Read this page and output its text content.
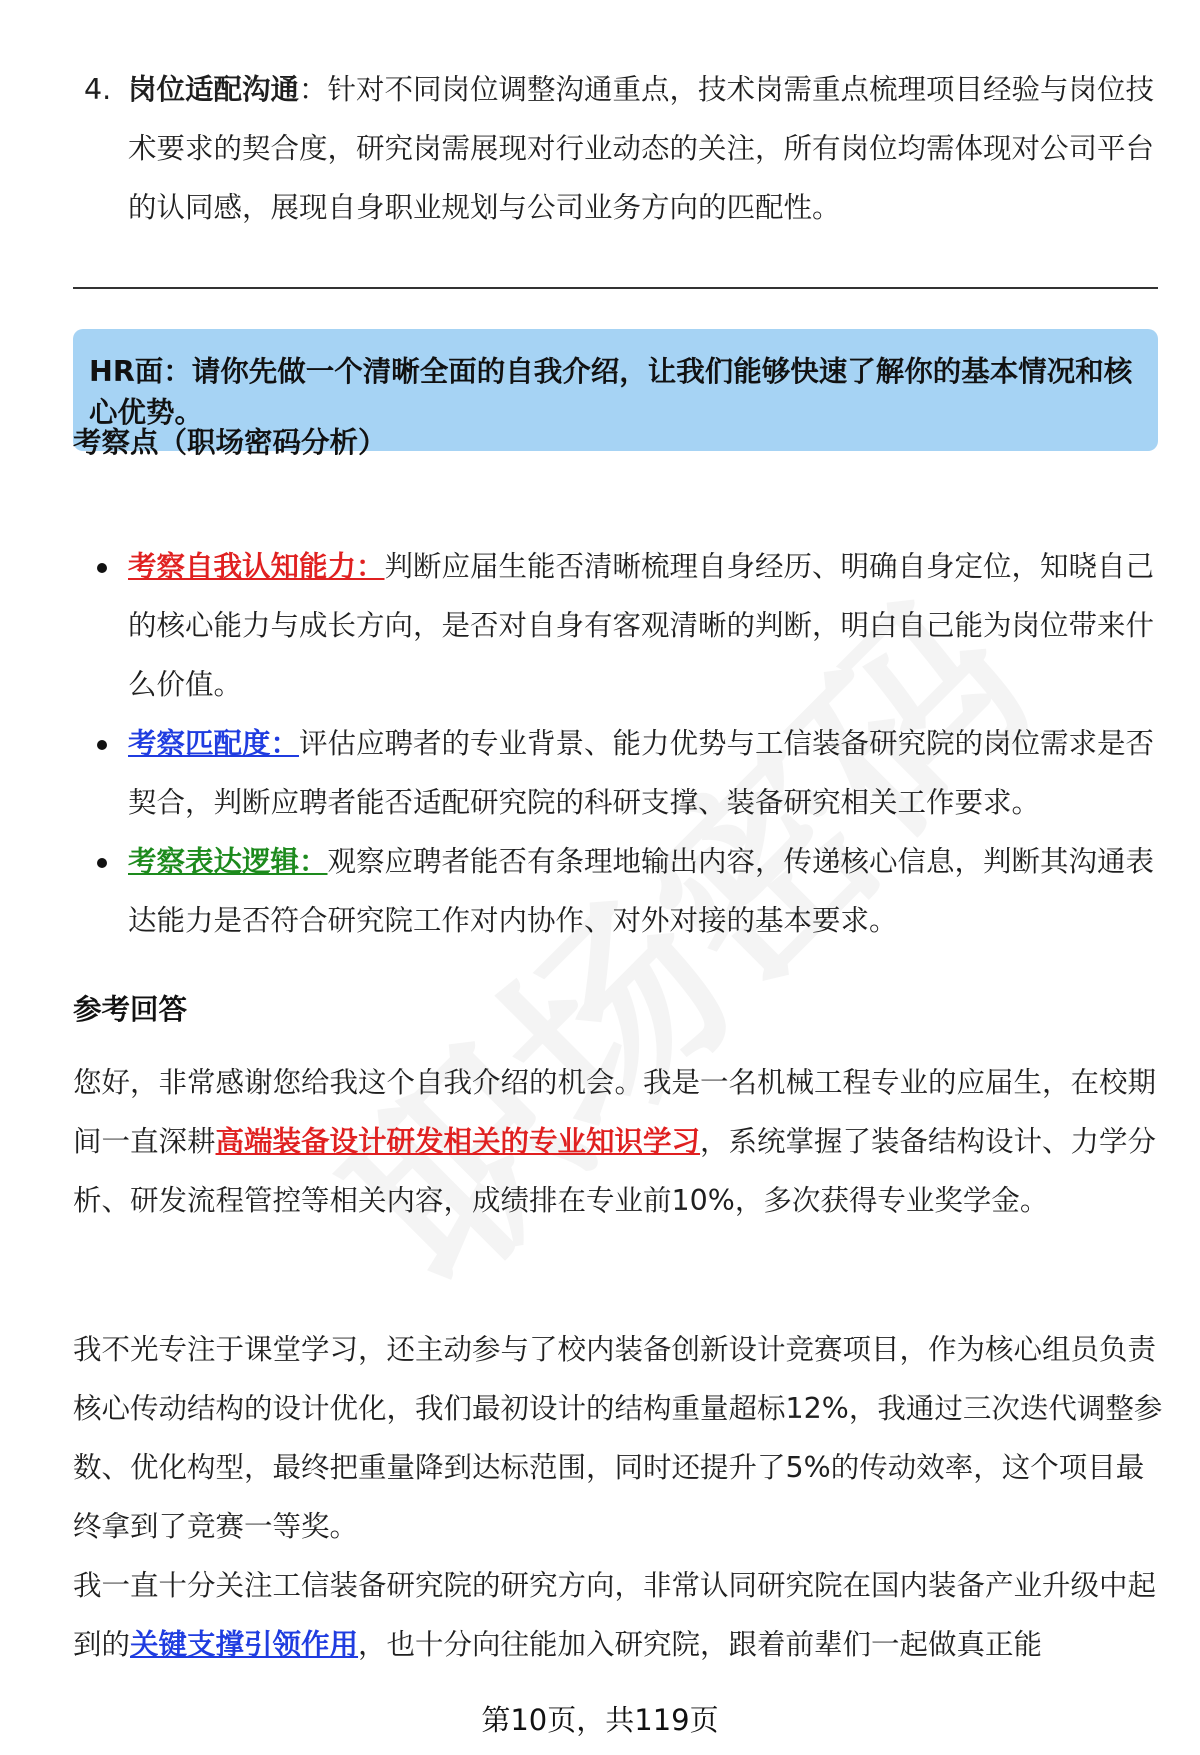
4. 岗位适配沟通：针对不同岗位调整沟通重点，技术岗需重点梳理项目经验与岗位技术要求的契合度，研究岗需展现对行业动态的关注，所有岗位均需体现对公司平台的认同感，展现自身职业规划与公司业务方向的匹配性。
HR面：请你先做一个清晰全面的自我介绍，让我们能够快速了解你的基本情况和核心优势。
考察点（职场密码分析）
考察自我认知能力：判断应届生能否清晰梳理自身经历、明确自身定位，知晓自己的核心能力与成长方向，是否对自身有客观清晰的判断，明白自己能为岗位带来什么价值。
考察匹配度：评估应聘者的专业背景、能力优势与工信装备研究院的岗位需求是否契合，判断应聘者能否适配研究院的科研支撑、装备研究相关工作要求。
考察表达逻辑：观察应聘者能否有条理地输出内容，传递核心信息，判断其沟通表达能力是否符合研究院工作对内协作、对外对接的基本要求。
参考回答

您好，非常感谢您给我这个自我介绍的机会。我是一名机械工程专业的应届生，在校期间一直深耕高端装备设计研发相关的专业知识学习，系统掌握了装备结构设计、力学分析、研发流程管控等相关内容，成绩排在专业前10%，多次获得专业奖学金。

我不光专注于课堂学习，还主动参与了校内装备创新设计竞赛项目，作为核心组员负责核心传动结构的设计优化，我们最初设计的结构重量超标12%，我通过三次迭代调整参数、优化构型，最终把重量降到达标范围，同时还提升了5%的传动效率，这个项目最终拿到了竞赛一等奖。

我一直十分关注工信装备研究院的研究方向，非常认同研究院在国内装备产业升级中起到的关键支撑引领作用，也十分向往能加入研究院，跟着前辈们一起做真正能

第10页，共119页
